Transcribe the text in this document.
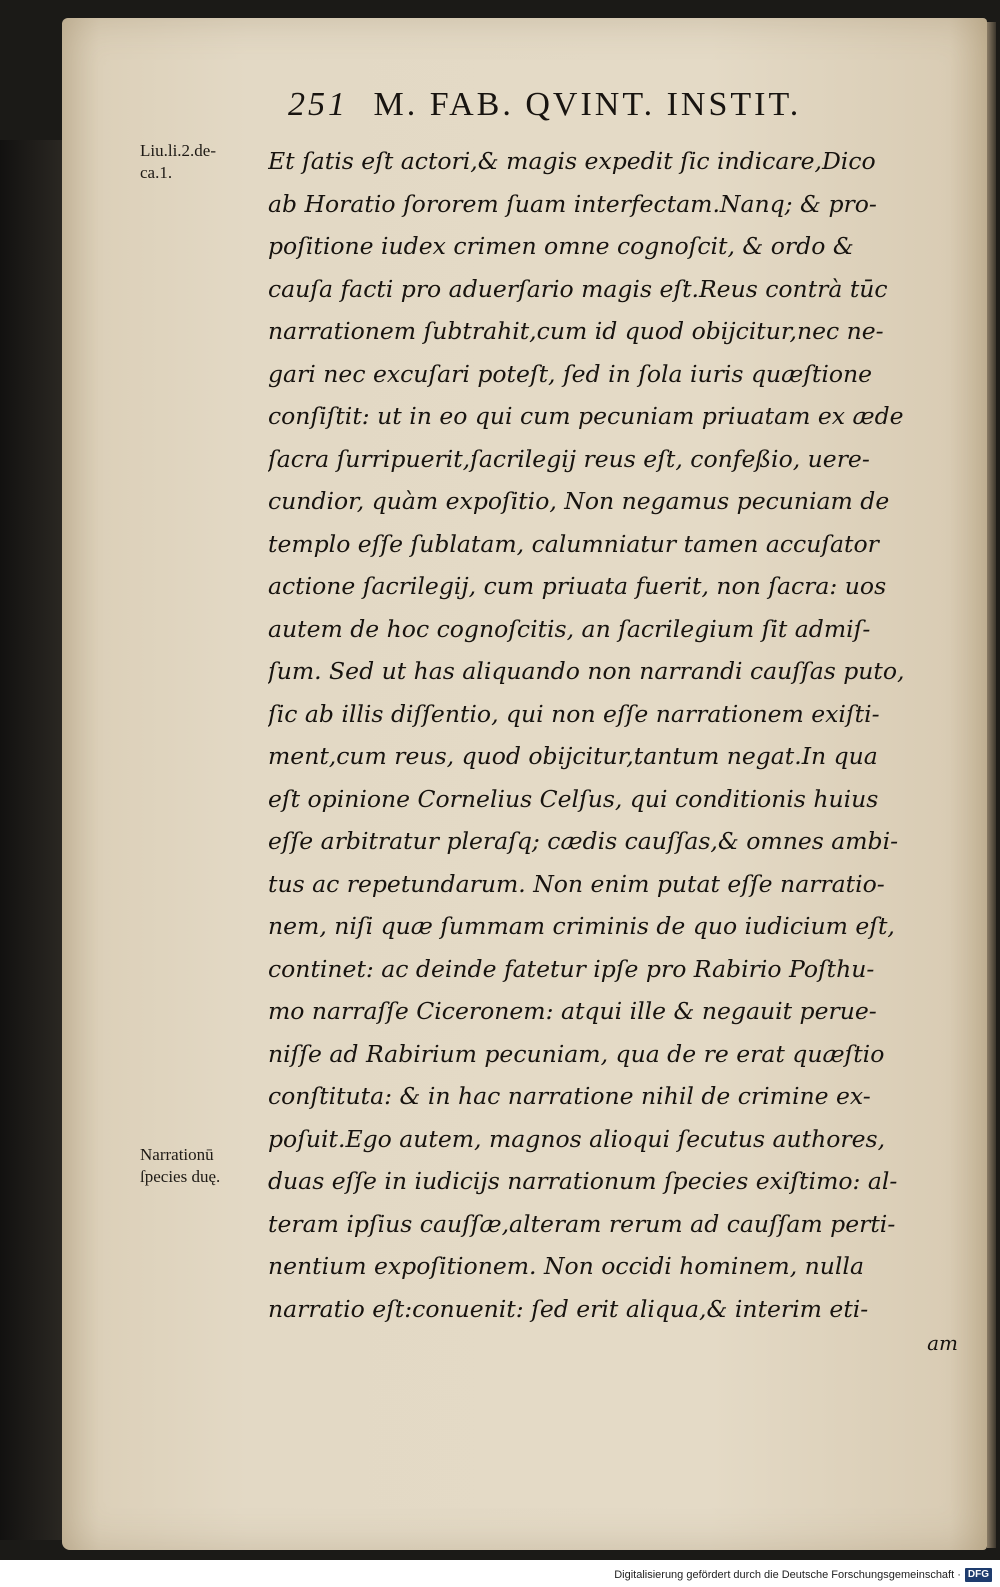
251 M. FAB. QVINT. INSTIT.
Liu.li.2.de-
ca.1.
Narrationū
ſpecies duę.
Et ſatis eſt actori,& magis expedit ſic indicare,Dico
ab Horatio ſororem ſuam interfectam.Nanq; & pro-
poſitione iudex crimen omne cognoſcit, & ordo &
cauſa facti pro aduerſario magis eſt.Reus contrà tūc
narrationem ſubtrahit,cum id quod obijcitur,nec ne-
gari nec excuſari poteſt, ſed in ſola iuris quæſtione
conſiſtit: ut in eo qui cum pecuniam priuatam ex æde
ſacra ſurripuerit,ſacrilegij reus eſt, confeßio, uere-
cundior, quàm expoſitio, Non negamus pecuniam de
templo eſſe ſublatam, calumniatur tamen accuſator
actione ſacrilegij, cum priuata fuerit, non ſacra: uos
autem de hoc cognoſcitis, an ſacrilegium ſit admiſ-
ſum. Sed ut has aliquando non narrandi cauſſas puto,
ſic ab illis diſſentio, qui non eſſe narrationem exiſti-
ment,cum reus, quod obijcitur,tantum negat.In qua
eſt opinione Cornelius Celſus, qui conditionis huius
eſſe arbitratur pleraſq; cædis cauſſas,& omnes ambi-
tus ac repetundarum. Non enim putat eſſe narratio-
nem, niſi quæ ſummam criminis de quo iudicium eſt,
continet: ac deinde fatetur ipſe pro Rabirio Poſthu-
mo narraſſe Ciceronem: atqui ille & negauit perue-
niſſe ad Rabirium pecuniam, qua de re erat quæſtio
conſtituta: & in hac narratione nihil de crimine ex-
poſuit.Ego autem, magnos alioqui ſecutus authores,
duas eſſe in iudicijs narrationum ſpecies exiſtimo: al-
teram ipſius cauſſæ,alteram rerum ad cauſſam perti-
nentium expoſitionem. Non occidi hominem, nulla
narratio eſt:conuenit: ſed erit aliqua,& interim eti-
am
Digitalisierung gefördert durch die Deutsche Forschungsgemeinschaft · DFG
